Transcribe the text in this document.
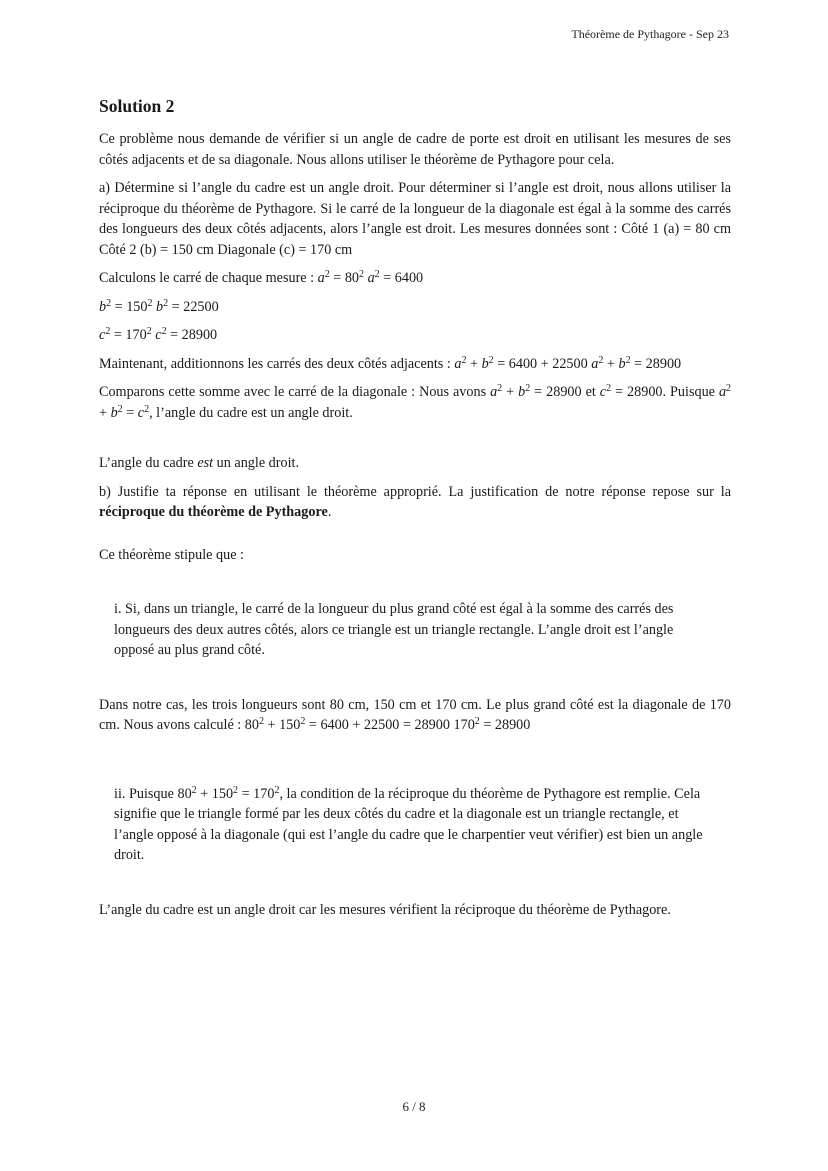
Théorème de Pythagore - Sep 23
Solution 2

Ce problème nous demande de vérifier si un angle de cadre de porte est droit en utilisant les mesures de ses côtés adjacents et de sa diagonale. Nous allons utiliser le théorème de Pythagore pour cela.

a) Détermine si l’angle du cadre est un angle droit. Pour déterminer si l’angle est droit, nous allons utiliser la réciproque du théorème de Pythagore. Si le carré de la longueur de la diagonale est égal à la somme des carrés des longueurs des deux côtés adjacents, alors l’angle est droit. Les mesures données sont : Côté 1 (a) = 80 cm Côté 2 (b) = 150 cm Diagonale (c) = 170 cm

Calculons le carré de chaque mesure : $a^2 = 80^2$ $a^2 = 6400$

$b^2 = 150^2$ $b^2 = 22500$

$c^2 = 170^2$ $c^2 = 28900$

Maintenant, additionnons les carrés des deux côtés adjacents : $a^2 + b^2 = 6400 + 22500$ $a^2 + b^2 = 28900$

Comparons cette somme avec le carré de la diagonale : Nous avons $a^2 + b^2 = 28900$ et $c^2 = 28900$. Puisque $a^2 + b^2 = c^2$, l’angle du cadre est un angle droit.

L’angle du cadre est un angle droit.

b) Justifie ta réponse en utilisant le théorème approprié. La justification de notre réponse repose sur la réciproque du théorème de Pythagore.

Ce théorème stipule que :

i. Si, dans un triangle, le carré de la longueur du plus grand côté est égal à la somme des carrés des longueurs des deux autres côtés, alors ce triangle est un triangle rectangle. L’angle droit est l’angle opposé au plus grand côté.

Dans notre cas, les trois longueurs sont 80 cm, 150 cm et 170 cm. Le plus grand côté est la diagonale de 170 cm. Nous avons calculé : $80^2 + 150^2 = 6400 + 22500 = 28900$ $170^2 = 28900$

ii. Puisque $80^2 + 150^2 = 170^2$, la condition de la réciproque du théorème de Pythagore est remplie. Cela signifie que le triangle formé par les deux côtés du cadre et la diagonale est un triangle rectangle, et l’angle opposé à la diagonale (qui est l’angle du cadre que le charpentier veut vérifier) est bien un angle droit.

L’angle du cadre est un angle droit car les mesures vérifient la réciproque du théorème de Pythagore.

6 / 8
